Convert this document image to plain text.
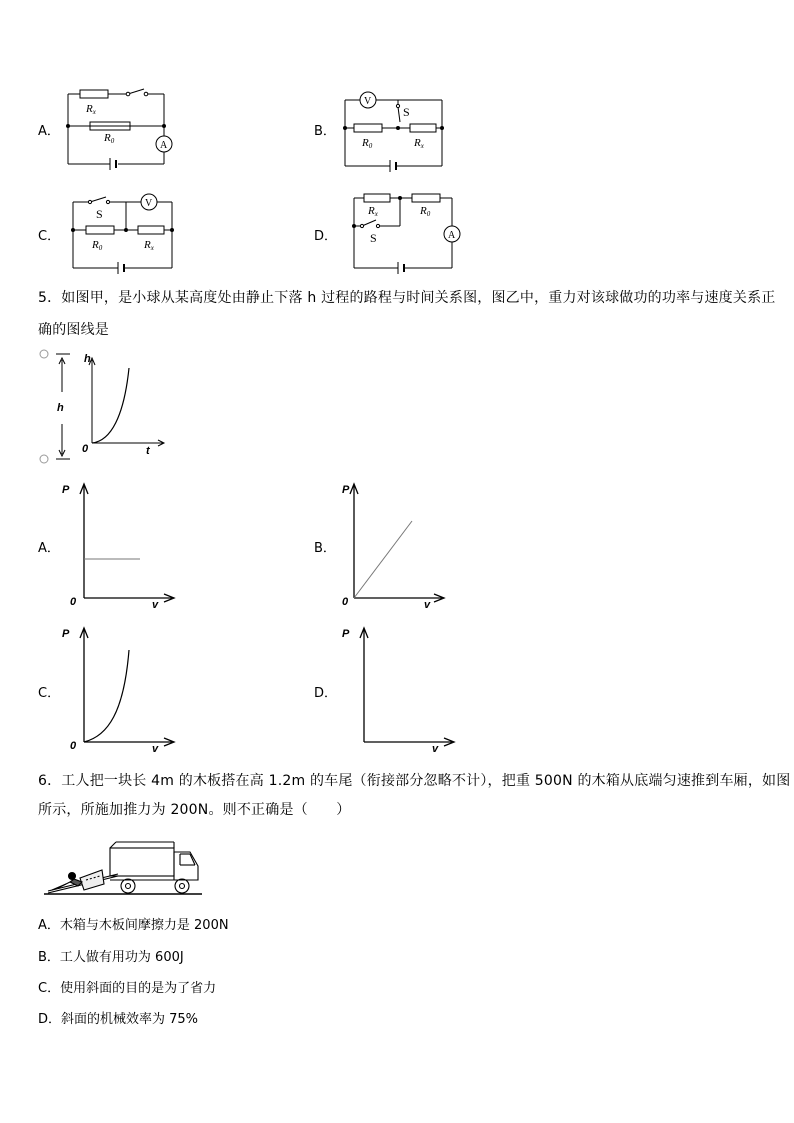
A．
Rx
R0	A
B．
V
S
R0	Rx
C．
S
V
R0	Rx
D．
Rx	R0
S	A
5．如图甲，是小球从某高度处由静止下落 h 过程的路程与时间关系图，图乙中，重力对该球做功的功率与速度关系正
确的图线是
h
h
0	t
A．
P
0	v
B．
P
0	v
C．
P
0	v
D．
P
v
6．工人把一块长 4m 的木板搭在高 1.2m 的车尾（衔接部分忽略不计），把重 500N 的木箱从底端匀速推到车厢，如图
所示，所施加推力为 200N。则不正确是（　　）
A．木箱与木板间摩擦力是 200N
B．工人做有用功为 600J
C．使用斜面的目的是为了省力
D．斜面的机械效率为 75%
